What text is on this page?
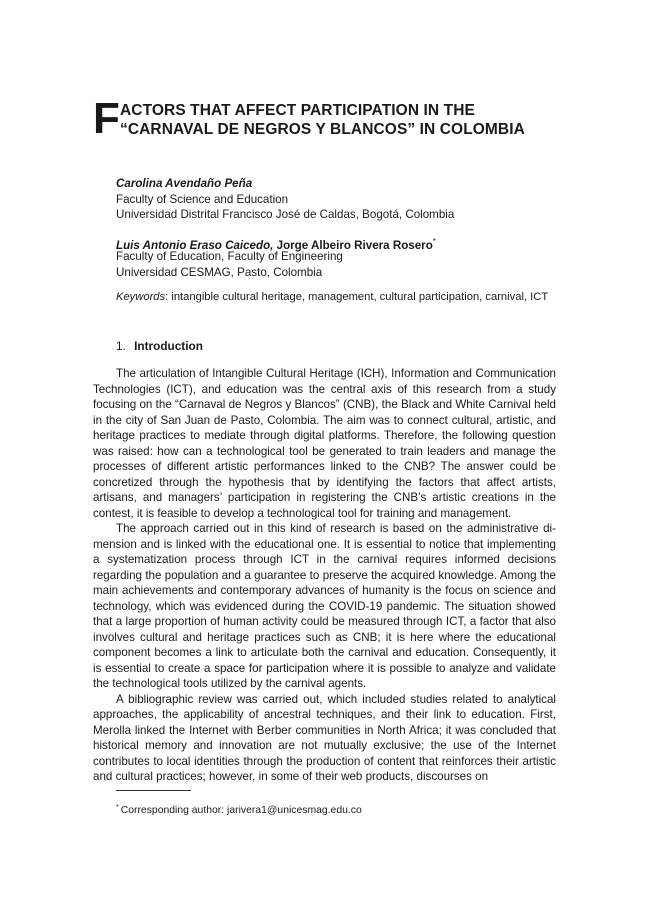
F ACTORS THAT AFFECT PARTICIPATION IN THE
“CARNAVAL DE NEGROS Y BLANCOS” IN COLOMBIA
Carolina Avendaño Peña
Faculty of Science and Education
Universidad Distrital Francisco José de Caldas, Bogotá, Colombia
Luis Antonio Eraso Caicedo, Jorge Albeiro Rivera Rosero*
Faculty of Education, Faculty of Engineering
Universidad CESMAG, Pasto, Colombia
Keywords: intangible cultural heritage, management, cultural participation, carnival, ICT
1. Introduction

The articulation of Intangible Cultural Heritage (ICH), Information and Communication Technologies (ICT), and education was the central axis of this research from a study focusing on the “Carnaval de Negros y Blancos” (CNB), the Black and White Carnival held in the city of San Juan de Pasto, Colombia. The aim was to connect cultural, artistic, and heritage practices to mediate through digital platforms. Therefore, the following question was raised: how can a technological tool be generated to train leaders and manage the processes of different artistic performances linked to the CNB? The answer could be concretized through the hypothesis that by identifying the factors that affect artists, artisans, and managers’ participation in registering the CNB’s artistic creations in the contest, it is feasible to develop a technological tool for training and management.

The approach carried out in this kind of research is based on the administrative dimension and is linked with the educational one. It is essential to notice that implementing a systematization process through ICT in the carnival requires informed decisions regarding the population and a guarantee to preserve the acquired knowledge. Among the main achievements and contemporary advances of humanity is the focus on science and technology, which was evidenced during the COVID-19 pandemic. The situation showed that a large proportion of human activity could be measured through ICT, a factor that also involves cultural and heritage practices such as CNB; it is here where the educational component becomes a link to articulate both the carnival and education. Consequently, it is essential to create a space for participation where it is possible to analyze and validate the technological tools utilized by the carnival agents.

A bibliographic review was carried out, which included studies related to analytical approaches, the applicability of ancestral techniques, and their link to education. First, Merolla linked the Internet with Berber communities in North Africa; it was concluded that historical memory and innovation are not mutually exclusive; the use of the Internet contributes to local identities through the production of content that reinforces their artistic and cultural practices; however, in some of their web products, discourses on

* Corresponding author: jarivera1@unicesmag.edu.co
